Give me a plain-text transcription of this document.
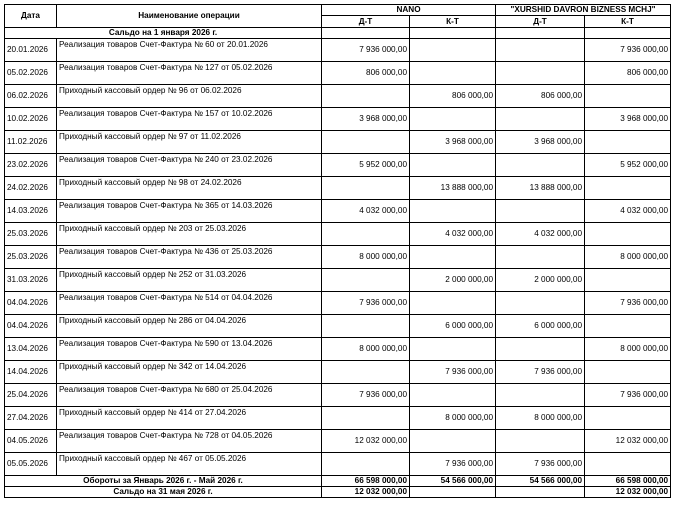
Дата	Наименование операции	NANO		"XURSHID DAVRON BIZNESS MCHJ"	
		Д-Т	К-Т	Д-Т	К-Т
Сальдо на 1 января 2026 г.					
20.01.2026	Реализация товаров Счет-Фактура № 60 от 20.01.2026	7 936 000,00			7 936 000,00
05.02.2026	Реализация товаров Счет-Фактура № 127 от 05.02.2026	806 000,00			806 000,00
06.02.2026	Приходный кассовый ордер № 96 от 06.02.2026		806 000,00	806 000,00	
10.02.2026	Реализация товаров Счет-Фактура № 157 от 10.02.2026	3 968 000,00			3 968 000,00
11.02.2026	Приходный кассовый ордер № 97 от 11.02.2026		3 968 000,00	3 968 000,00	
23.02.2026	Реализация товаров Счет-Фактура № 240 от 23.02.2026	5 952 000,00			5 952 000,00
24.02.2026	Приходный кассовый ордер № 98 от 24.02.2026		13 888 000,00	13 888 000,00	
14.03.2026	Реализация товаров Счет-Фактура № 365 от 14.03.2026	4 032 000,00			4 032 000,00
25.03.2026	Приходный кассовый ордер № 203 от 25.03.2026		4 032 000,00	4 032 000,00	
25.03.2026	Реализация товаров Счет-Фактура № 436 от 25.03.2026	8 000 000,00			8 000 000,00
31.03.2026	Приходный кассовый ордер № 252 от 31.03.2026		2 000 000,00	2 000 000,00	
04.04.2026	Реализация товаров Счет-Фактура № 514 от 04.04.2026	7 936 000,00			7 936 000,00
04.04.2026	Приходный кассовый ордер № 286 от 04.04.2026		6 000 000,00	6 000 000,00	
13.04.2026	Реализация товаров Счет-Фактура № 590 от 13.04.2026	8 000 000,00			8 000 000,00
14.04.2026	Приходный кассовый ордер № 342 от 14.04.2026		7 936 000,00	7 936 000,00	
25.04.2026	Реализация товаров Счет-Фактура № 680 от 25.04.2026	7 936 000,00			7 936 000,00
27.04.2026	Приходный кассовый ордер № 414 от 27.04.2026		8 000 000,00	8 000 000,00	
04.05.2026	Реализация товаров Счет-Фактура № 728 от 04.05.2026	12 032 000,00			12 032 000,00
05.05.2026	Приходный кассовый ордер № 467 от 05.05.2026		7 936 000,00	7 936 000,00	
Обороты за Январь 2026 г. - Май 2026 г.		66 598 000,00	54 566 000,00	54 566 000,00	66 598 000,00
Сальдо на 31 мая 2026 г.		12 032 000,00			12 032 000,00
